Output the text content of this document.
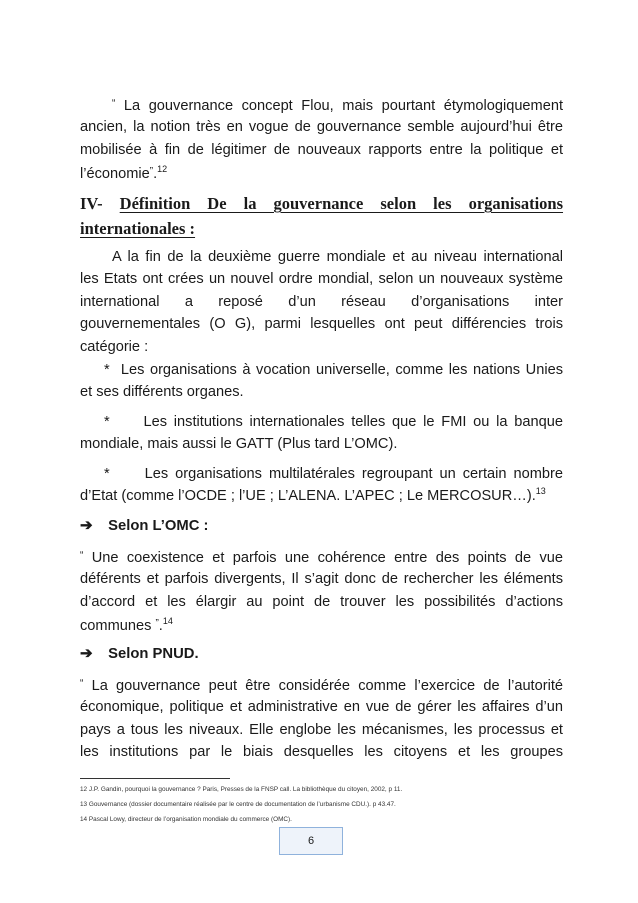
“ La gouvernance concept Flou, mais pourtant étymologiquement
ancien, la notion très en vogue de gouvernance semble aujourd’hui être
mobilisée à fin de légitimer de nouveaux rapports entre la politique et
l’économie”.$^{12}$
IV- Définition De la gouvernance selon les organisations
internationales :
A la fin de la deuxième guerre mondiale et au niveau international
les Etats ont crées un nouvel ordre mondial, selon un nouveaux système
international a reposé d’un réseau d’organisations inter
gouvernementales (O G), parmi lesquelles ont peut différencies trois
catégorie :
*  Les organisations à vocation universelle, comme les nations Unies
et ses différents organes.
*     Les institutions internationales telles que le FMI ou la banque
mondiale, mais aussi le GATT (Plus tard L’OMC).
*     Les organisations multilatérales regroupant un certain nombre
d’Etat (comme l’OCDE ; l’UE ; L’ALENA. L’APEC ; Le MERCOSUR…).$^{13}$
➔ Selon L’OMC :
“ Une coexistence et parfois une cohérence entre des points de vue
déférents et parfois divergents, Il s’agit donc de rechercher les éléments
d’accord et les élargir au point de trouver les possibilités d’actions
communes ”.$^{14}$
➔ Selon PNUD.
“ La gouvernance peut être considérée comme l’exercice de l’autorité
économique, politique et administrative en vue de gérer les affaires d’un
pays a tous les niveaux. Elle englobe les mécanismes, les processus et
les institutions par le biais desquelles les citoyens et les groupes
12 J.P. Gandin, pourquoi la gouvernance ? Paris, Presses de la FNSP call. La bibliothèque du citoyen, 2002, p 11.
13 Gouvernance (dossier documentaire réalisée par le centre de documentation de l’urbanisme CDU.). p 43.47.
14 Pascal Lowy, directeur de l’organisation mondiale du commerce (OMC).
6
